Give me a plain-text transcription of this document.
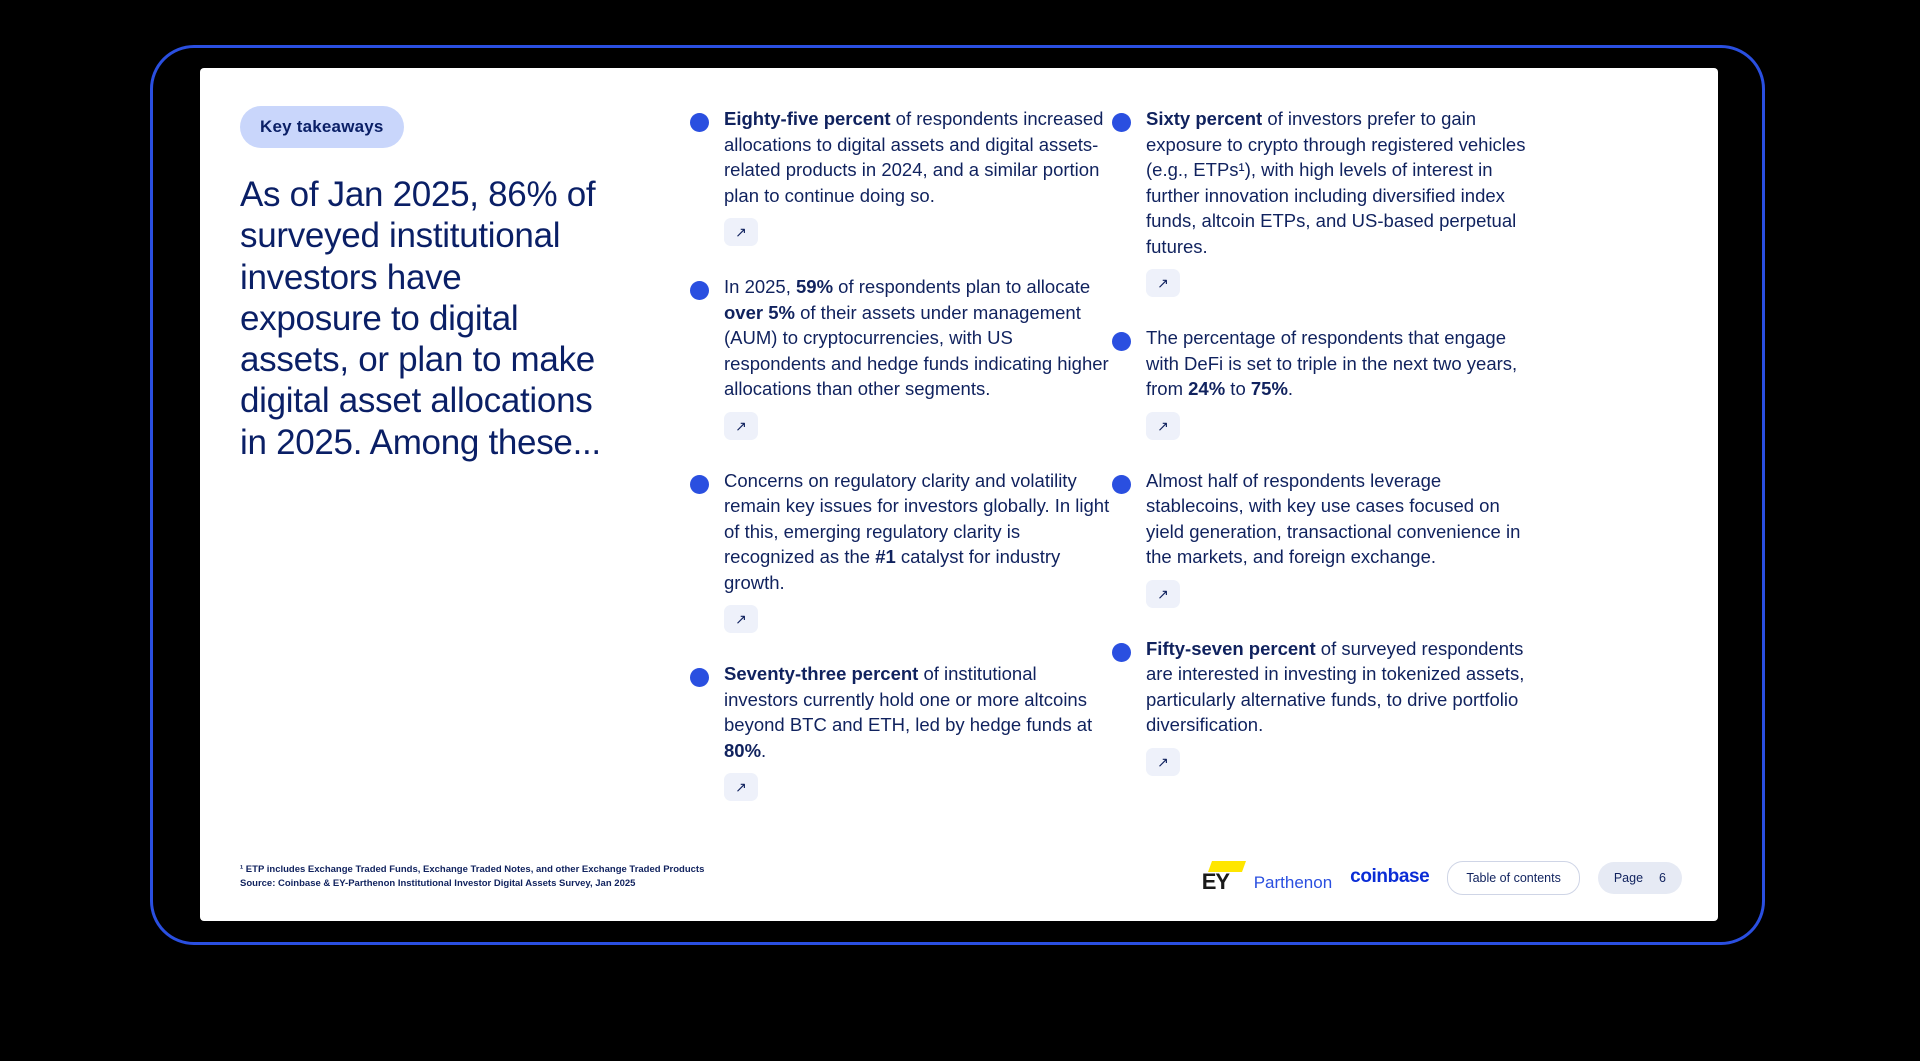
Key takeaways
As of Jan 2025, 86% of surveyed institutional investors have exposure to digital assets, or plan to make digital asset allocations in 2025. Among these...
Eighty-five percent of respondents increased allocations to digital assets and digital assets-related products in 2024, and a similar portion plan to continue doing so.
↗
In 2025, 59% of respondents plan to allocate over 5% of their assets under management (AUM) to cryptocurrencies, with US respondents and hedge funds indicating higher allocations than other segments.
↗
Concerns on regulatory clarity and volatility remain key issues for investors globally. In light of this, emerging regulatory clarity is recognized as the #1 catalyst for industry growth.
↗
Seventy-three percent of institutional investors currently hold one or more altcoins beyond BTC and ETH, led by hedge funds at 80%.
↗
Sixty percent of investors prefer to gain exposure to crypto through registered vehicles (e.g., ETPs¹), with high levels of interest in further innovation including diversified index funds, altcoin ETPs, and US-based perpetual futures.
↗
The percentage of respondents that engage with DeFi is set to triple in the next two years, from 24% to 75%.
↗
Almost half of respondents leverage stablecoins, with key use cases focused on yield generation, transactional convenience in the markets, and foreign exchange.
↗
Fifty-seven percent of surveyed respondents are interested in investing in tokenized assets, particularly alternative funds, to drive portfolio diversification.
↗
¹ ETP includes Exchange Traded Funds, Exchange Traded Notes, and other Exchange Traded Products
Source: Coinbase & EY-Parthenon Institutional Investor Digital Assets Survey, Jan 2025	EY Parthenon coinbase	Table of contents	Page 6
